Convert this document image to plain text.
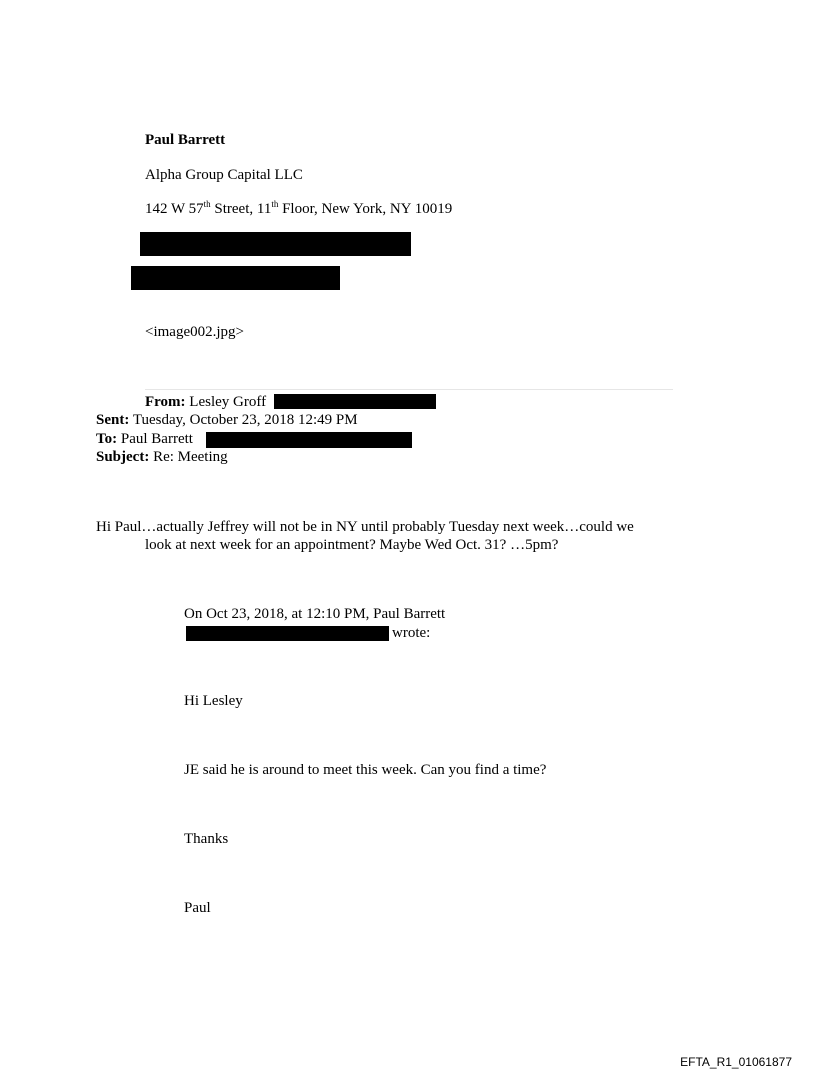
Paul Barrett
Alpha Group Capital LLC
142 W 57th Street, 11th Floor, New York, NY 10019
<image002.jpg>
From: Lesley Groff
Sent: Tuesday, October 23, 2018 12:49 PM
To: Paul Barrett
Subject: Re: Meeting
Hi Paul…actually Jeffrey will not be in NY until probably Tuesday next week…could we
look at next week for an appointment? Maybe Wed Oct. 31? …5pm?
On Oct 23, 2018, at 12:10 PM, Paul Barrett
wrote:
Hi Lesley
JE said he is around to meet this week. Can you find a time?
Thanks
Paul
EFTA_R1_01061877
